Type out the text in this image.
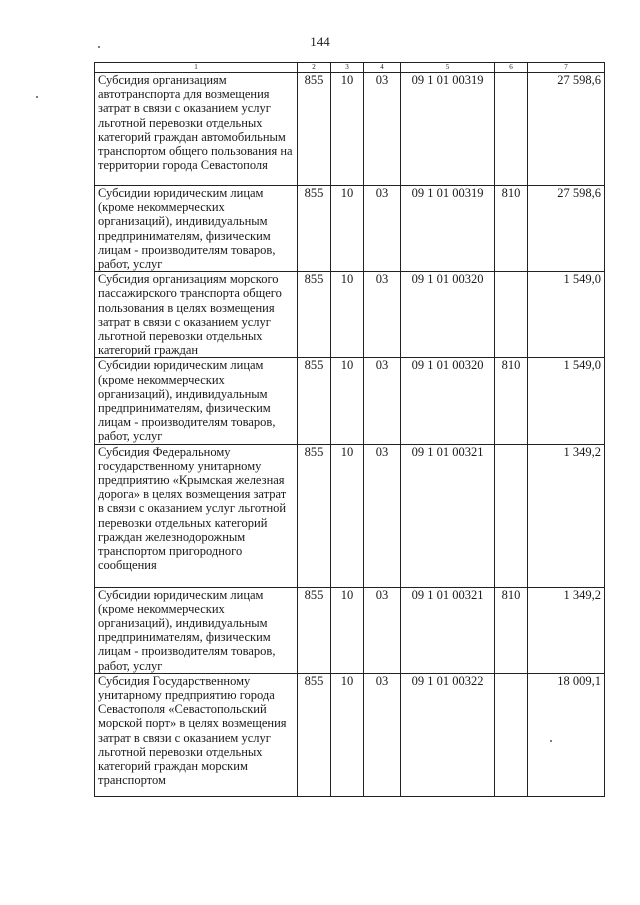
144
1	2	3	4	5	6	7
Субсидия организациям автотранспорта для возмещения затрат в связи с оказанием услуг льготной перевозки отдельных категорий граждан автомобильным транспортом общего пользования на территории города Севастополя	855	10	03	09 1 01 00319		27 598,6
Субсидии юридическим лицам (кроме некоммерческих организаций), индивидуальным предпринимателям, физическим лицам - производителям товаров, работ, услуг	855	10	03	09 1 01 00319	810	27 598,6
Субсидия организациям морского пассажирского транспорта общего пользования в целях возмещения затрат в связи с оказанием услуг льготной перевозки отдельных категорий граждан	855	10	03	09 1 01 00320		1 549,0
Субсидии юридическим лицам (кроме некоммерческих организаций), индивидуальным предпринимателям, физическим лицам - производителям товаров, работ, услуг	855	10	03	09 1 01 00320	810	1 549,0
Субсидия Федеральному государственному унитарному предприятию «Крымская железная дорога» в целях возмещения затрат в связи с оказанием услуг льготной перевозки отдельных категорий граждан железнодорожным транспортом пригородного сообщения	855	10	03	09 1 01 00321		1 349,2
Субсидии юридическим лицам (кроме некоммерческих организаций), индивидуальным предпринимателям, физическим лицам - производителям товаров, работ, услуг	855	10	03	09 1 01 00321	810	1 349,2
Субсидия Государственному унитарному предприятию города Севастополя «Севастопольский морской порт» в целях возмещения затрат в связи с оказанием услуг льготной перевозки отдельных категорий граждан морским транспортом	855	10	03	09 1 01 00322		18 009,1
